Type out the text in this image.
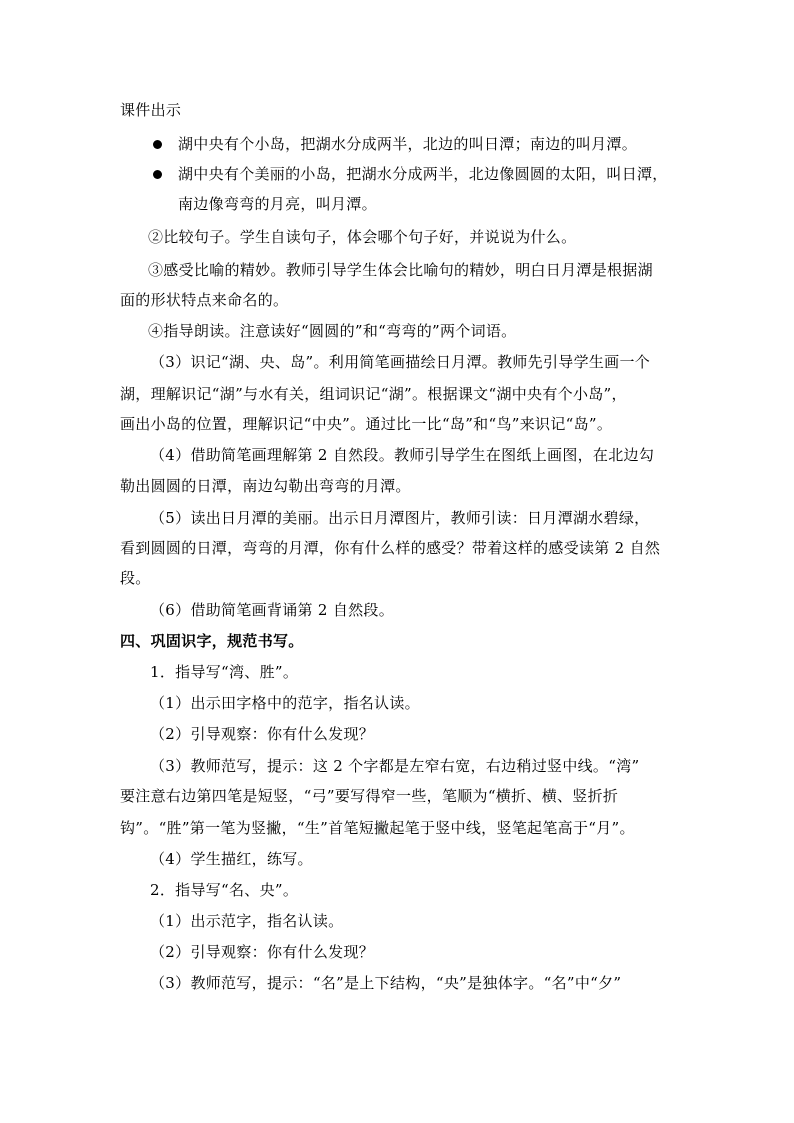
课件出示
湖中央有个小岛，把湖水分成两半，北边的叫日潭；南边的叫月潭。
湖中央有个美丽的小岛，把湖水分成两半，北边像圆圆的太阳，叫日潭，
南边像弯弯的月亮，叫月潭。
②比较句子。学生自读句子，体会哪个句子好，并说说为什么。
③感受比喻的精妙。教师引导学生体会比喻句的精妙，明白日月潭是根据湖
面的形状特点来命名的。
④指导朗读。注意读好“圆圆的”和“弯弯的”两个词语。
（3）识记“湖、央、岛”。利用简笔画描绘日月潭。教师先引导学生画一个
湖，理解识记“湖”与水有关，组词识记“湖”。根据课文“湖中央有个小岛”，
画出小岛的位置，理解识记“中央”。通过比一比“岛”和“鸟”来识记“岛”。
（4）借助简笔画理解第 2 自然段。教师引导学生在图纸上画图，在北边勾
勒出圆圆的日潭，南边勾勒出弯弯的月潭。
（5）读出日月潭的美丽。出示日月潭图片，教师引读：日月潭湖水碧绿，
看到圆圆的日潭，弯弯的月潭，你有什么样的感受？带着这样的感受读第 2 自然
段。
（6）借助简笔画背诵第 2 自然段。
四、巩固识字，规范书写。
1．指导写“湾、胜”。
（1）出示田字格中的范字，指名认读。
（2）引导观察：你有什么发现？
（3）教师范写，提示：这 2 个字都是左窄右宽，右边稍过竖中线。“湾”
要注意右边第四笔是短竖，“弓”要写得窄一些，笔顺为“横折、横、竖折折
钩”。“胜”第一笔为竖撇，“生”首笔短撇起笔于竖中线，竖笔起笔高于“月”。
（4）学生描红，练写。
2．指导写“名、央”。
（1）出示范字，指名认读。
（2）引导观察：你有什么发现？
（3）教师范写，提示：“名”是上下结构，“央”是独体字。“名”中“夕”
